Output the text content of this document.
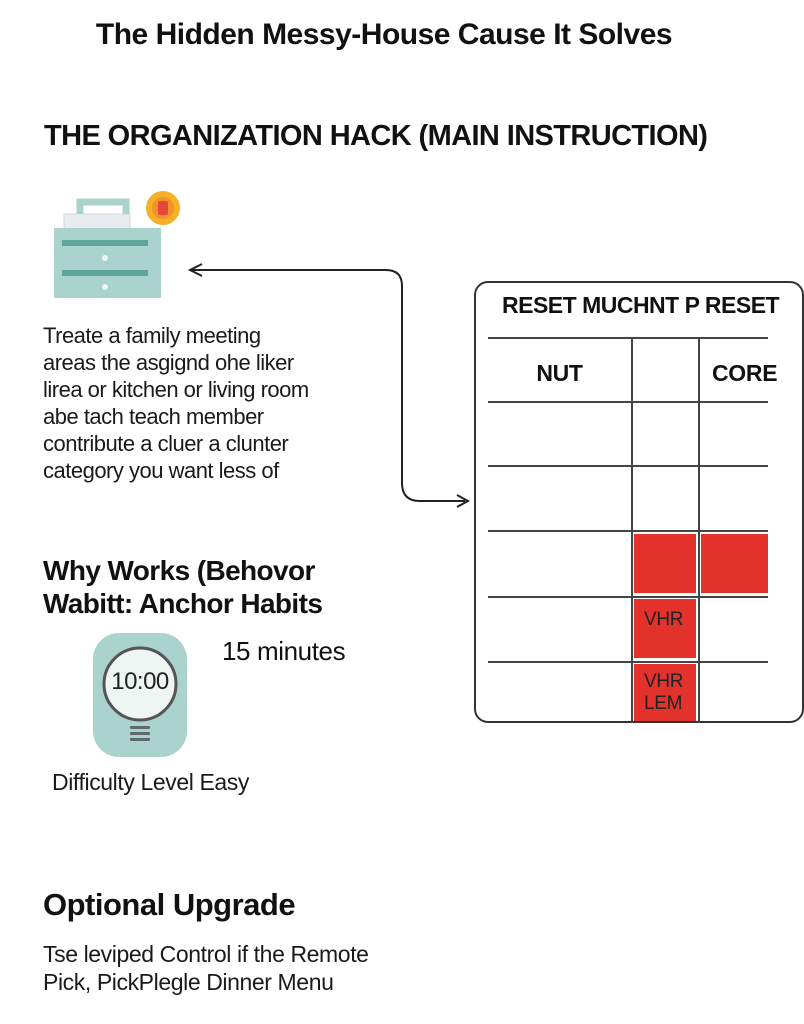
The Hidden Messy-House Cause It Solves
THE ORGANIZATION HACK (MAIN INSTRUCTION)
Treate a family meeting
areas the asgignd ohe liker
lirea or kitchen or living room
abe tach teach member
contribute a cluer a clunter
category you want less of
Why Works (Behovor
Wabitt: Anchor Habits
10:00
15 minutes
Difficulty Level Easy
Optional Upgrade
Tse leviped Control if the Remote
Pick, PickPlegle Dinner Menu
RESET MUCHNT P RESET
NUT	CORE
VHR
VHR
LEM
